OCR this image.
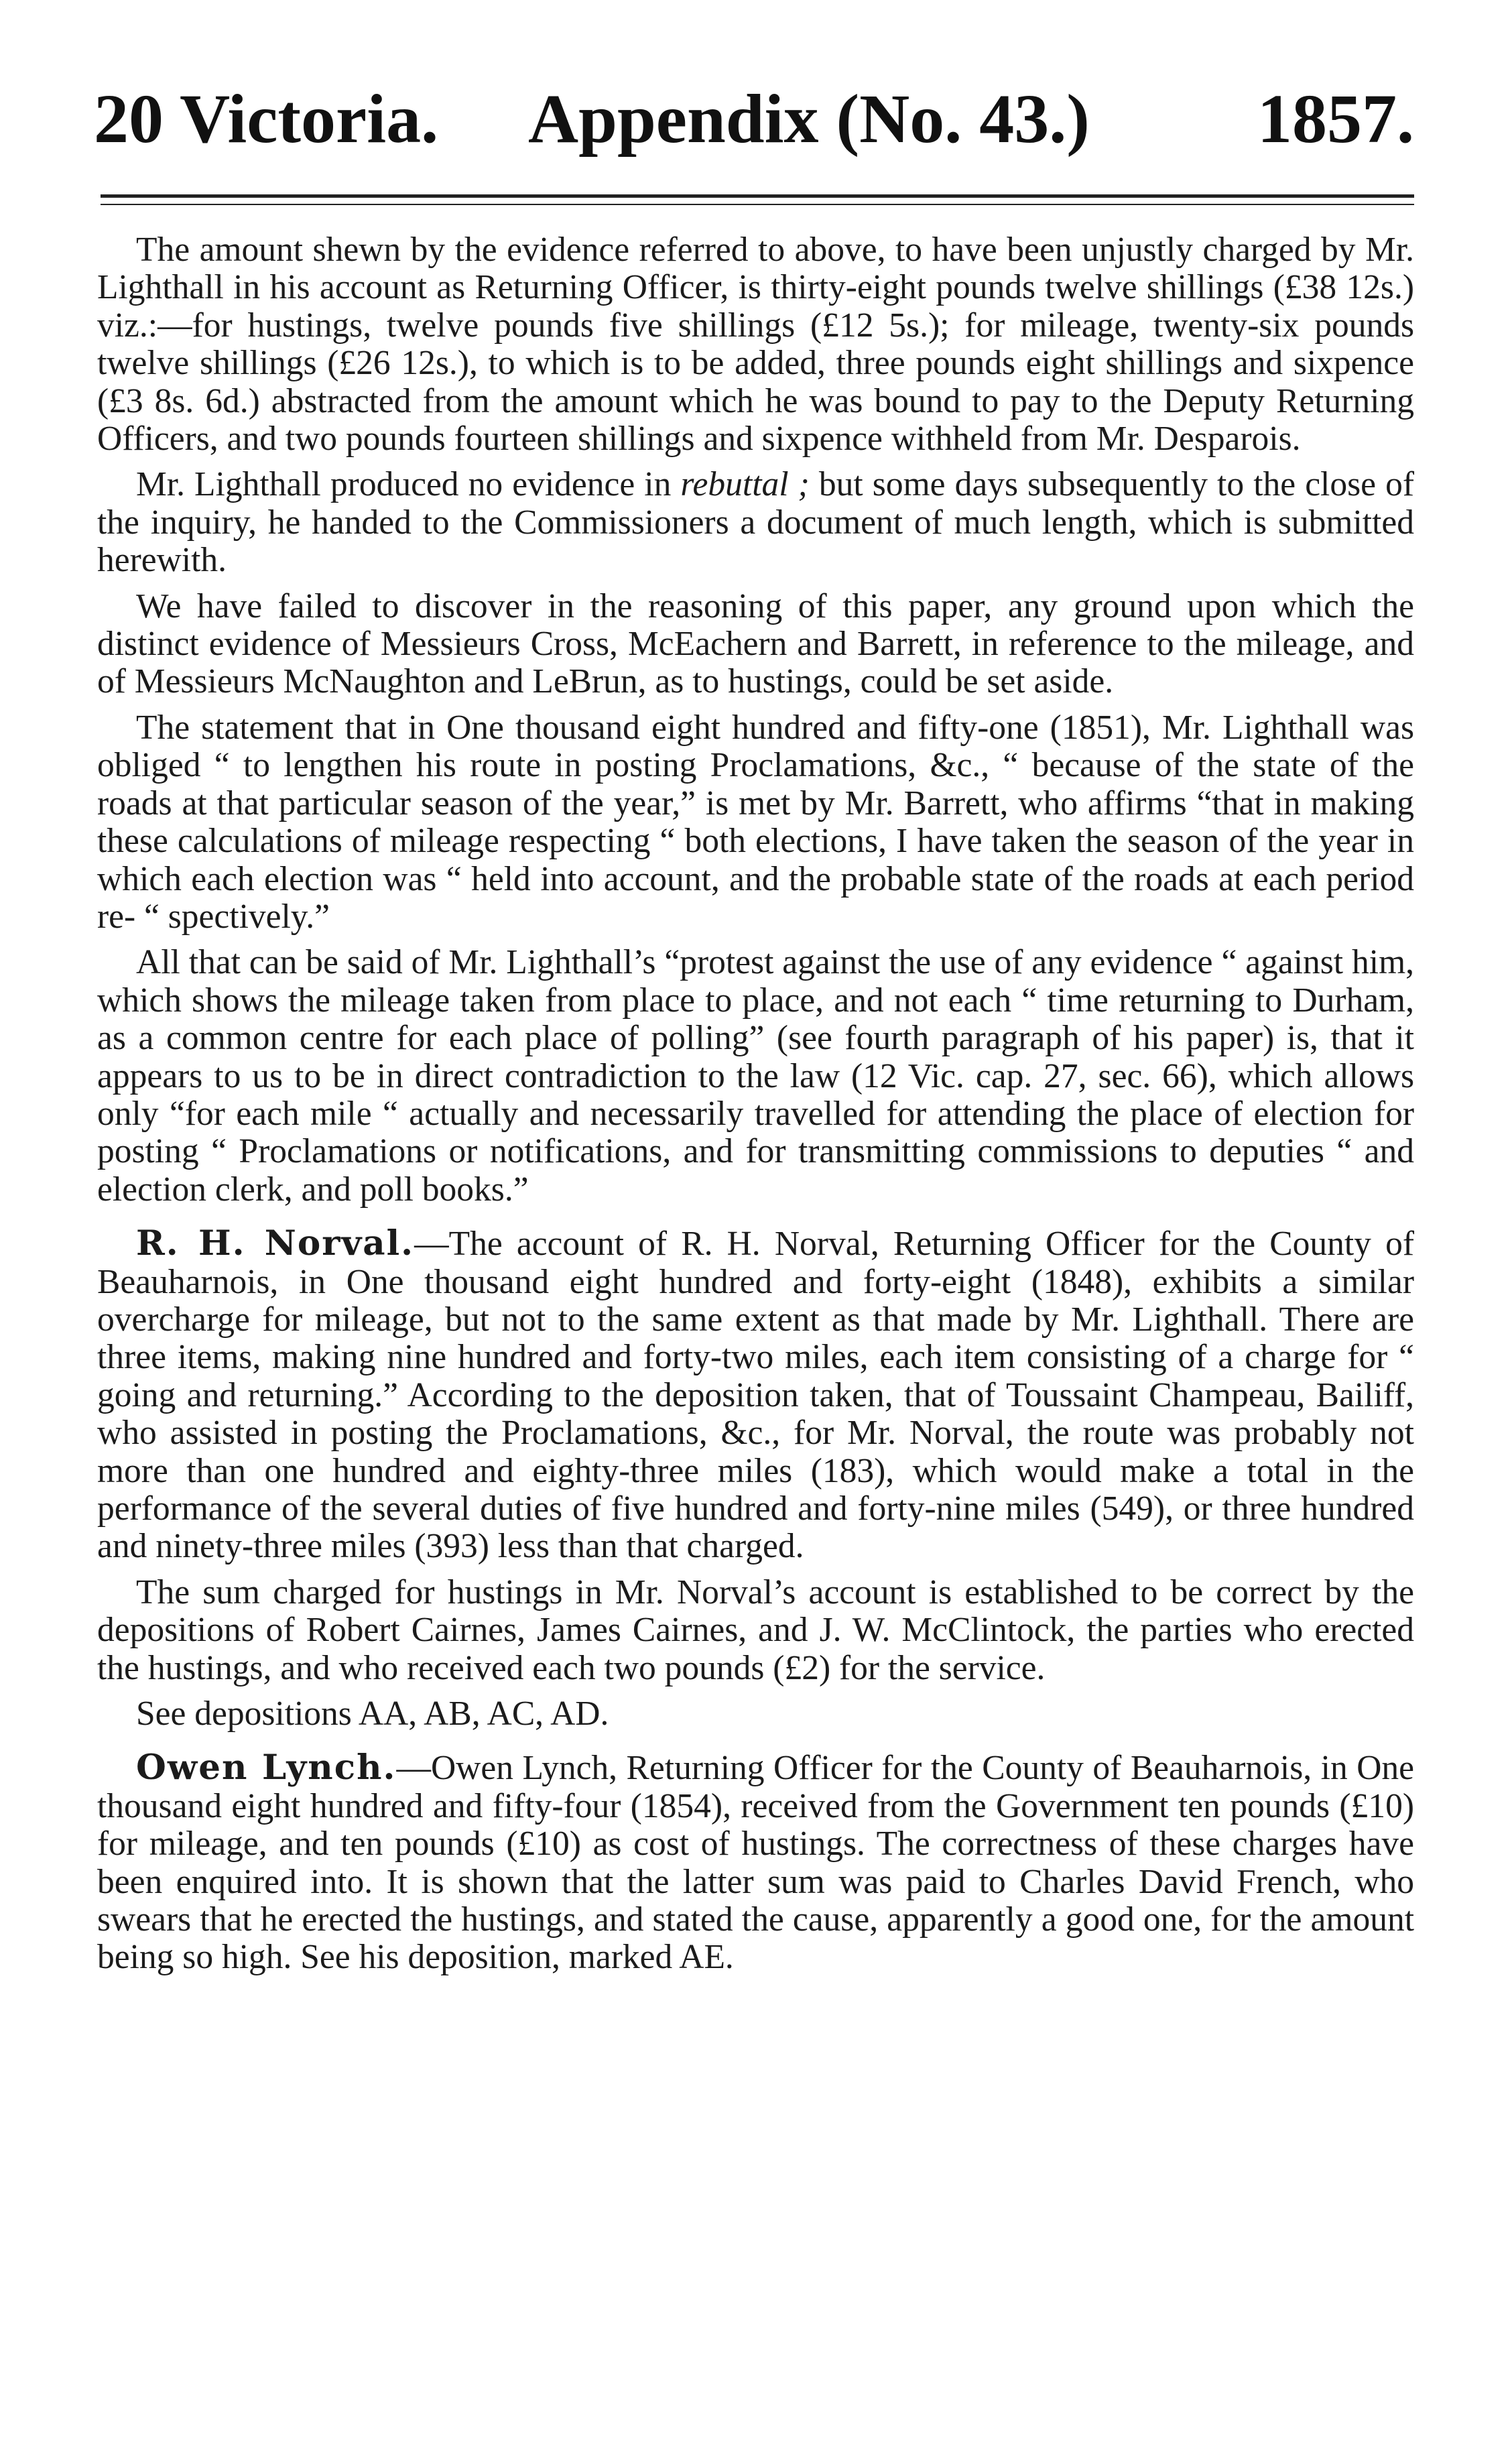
20 Victoria. Appendix (No. 43.) 1857.

The amount shewn by the evidence referred to above, to have been unjustly charged by Mr. Lighthall in his account as Returning Officer, is thirty-eight pounds twelve shillings (£38 12s.) viz.:—for hustings, twelve pounds five shillings (£12 5s.); for mileage, twenty-six pounds twelve shillings (£26 12s.), to which is to be added, three pounds eight shillings and sixpence (£3 8s. 6d.) abstracted from the amount which he was bound to pay to the Deputy Returning Officers, and two pounds fourteen shillings and sixpence withheld from Mr. Desparois.

Mr. Lighthall produced no evidence in rebuttal ; but some days subsequently to the close of the inquiry, he handed to the Commissioners a document of much length, which is submitted herewith.

We have failed to discover in the reasoning of this paper, any ground upon which the distinct evidence of Messieurs Cross, McEachern and Barrett, in reference to the mileage, and of Messieurs McNaughton and LeBrun, as to hustings, could be set aside.

The statement that in One thousand eight hundred and fifty-one (1851), Mr. Lighthall was obliged “ to lengthen his route in posting Proclamations, &c., “ because of the state of the roads at that particular season of the year,” is met by Mr. Barrett, who affirms “that in making these calculations of mileage respecting “ both elections, I have taken the season of the year in which each election was “ held into account, and the probable state of the roads at each period re- “ spectively.”

All that can be said of Mr. Lighthall’s “protest against the use of any evidence “ against him, which shows the mileage taken from place to place, and not each “ time returning to Durham, as a common centre for each place of polling” (see fourth paragraph of his paper) is, that it appears to us to be in direct contradiction to the law (12 Vic. cap. 27, sec. 66), which allows only “for each mile “ actually and necessarily travelled for attending the place of election for posting “ Proclamations or notifications, and for transmitting commissions to deputies “ and election clerk, and poll books.”

R. H. Norval.—The account of R. H. Norval, Returning Officer for the County of Beauharnois, in One thousand eight hundred and forty-eight (1848), exhibits a similar overcharge for mileage, but not to the same extent as that made by Mr. Lighthall. There are three items, making nine hundred and forty-two miles, each item consisting of a charge for “ going and returning.” According to the deposition taken, that of Toussaint Champeau, Bailiff, who assisted in posting the Proclamations, &c., for Mr. Norval, the route was probably not more than one hundred and eighty-three miles (183), which would make a total in the performance of the several duties of five hundred and forty-nine miles (549), or three hundred and ninety-three miles (393) less than that charged.

The sum charged for hustings in Mr. Norval’s account is established to be correct by the depositions of Robert Cairnes, James Cairnes, and J. W. McClintock, the parties who erected the hustings, and who received each two pounds (£2) for the service.

See depositions AA, AB, AC, AD.

Owen Lynch.—Owen Lynch, Returning Officer for the County of Beauharnois, in One thousand eight hundred and fifty-four (1854), received from the Government ten pounds (£10) for mileage, and ten pounds (£10) as cost of hustings. The correctness of these charges have been enquired into. It is shown that the latter sum was paid to Charles David French, who swears that he erected the hustings, and stated the cause, apparently a good one, for the amount being so high. See his deposition, marked AE.
